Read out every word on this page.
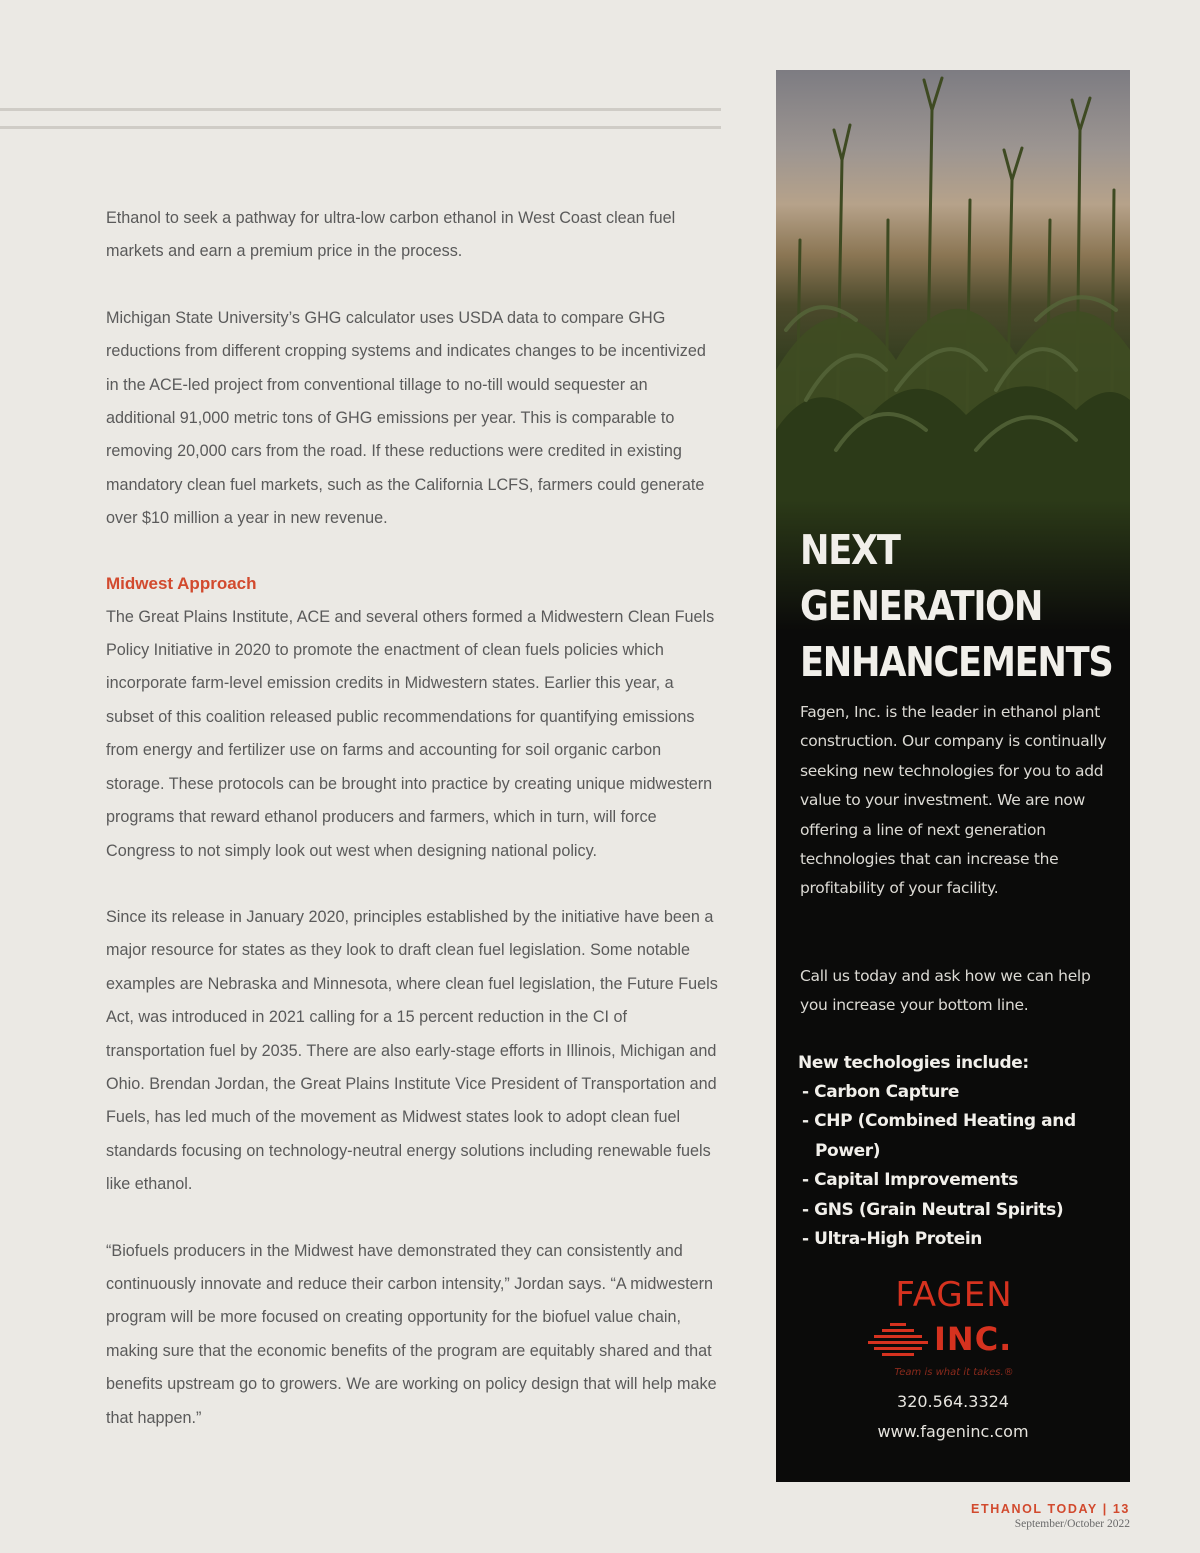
Ethanol to seek a pathway for ultra-low carbon ethanol in West Coast clean fuel markets and earn a premium price in the process.

Michigan State University’s GHG calculator uses USDA data to compare GHG reductions from different cropping systems and indicates changes to be incentivized in the ACE-led project from conventional tillage to no-till would sequester an additional 91,000 metric tons of GHG emissions per year. This is comparable to removing 20,000 cars from the road. If these reductions were credited in existing mandatory clean fuel markets, such as the California LCFS, farmers could generate over $10 million a year in new revenue.

Midwest Approach

The Great Plains Institute, ACE and several others formed a Midwestern Clean Fuels Policy Initiative in 2020 to promote the enactment of clean fuels policies which incorporate farm-level emission credits in Midwestern states. Earlier this year, a subset of this coalition released public recommendations for quantifying emissions from energy and fertilizer use on farms and accounting for soil organic carbon storage. These protocols can be brought into practice by creating unique midwestern programs that reward ethanol producers and farmers, which in turn, will force Congress to not simply look out west when designing national policy.

Since its release in January 2020, principles established by the initiative have been a major resource for states as they look to draft clean fuel legislation. Some notable examples are Nebraska and Minnesota, where clean fuel legislation, the Future Fuels Act, was introduced in 2021 calling for a 15 percent reduction in the CI of transportation fuel by 2035. There are also early-stage efforts in Illinois, Michigan and Ohio. Brendan Jordan, the Great Plains Institute Vice President of Transportation and Fuels, has led much of the movement as Midwest states look to adopt clean fuel standards focusing on technology-neutral energy solutions including renewable fuels like ethanol.

“Biofuels producers in the Midwest have demonstrated they can consistently and continuously innovate and reduce their carbon intensity,” Jordan says. “A midwestern program will be more focused on creating opportunity for the biofuel value chain, making sure that the economic benefits of the program are equitably shared and that benefits upstream go to growers. We are working on policy design that will help make that happen.”

NEXT
GENERATION
ENHANCEMENTS

Fagen, Inc. is the leader in ethanol plant construction. Our company is continually seeking new technologies for you to add value to your investment. We are now offering a line of next generation technologies that can increase the profitability of your facility.

Call us today and ask how we can help you increase your bottom line.

New techologies include:

- Carbon Capture
- CHP (Combined Heating and Power)
- Capital Improvements
- GNS (Grain Neutral Spirits)
- Ultra-High Protein
FAGEN
INC.
Team is what it takes.®
320.564.3324
www.fageninc.com
ETHANOL TODAY | 13
September/October 2022
